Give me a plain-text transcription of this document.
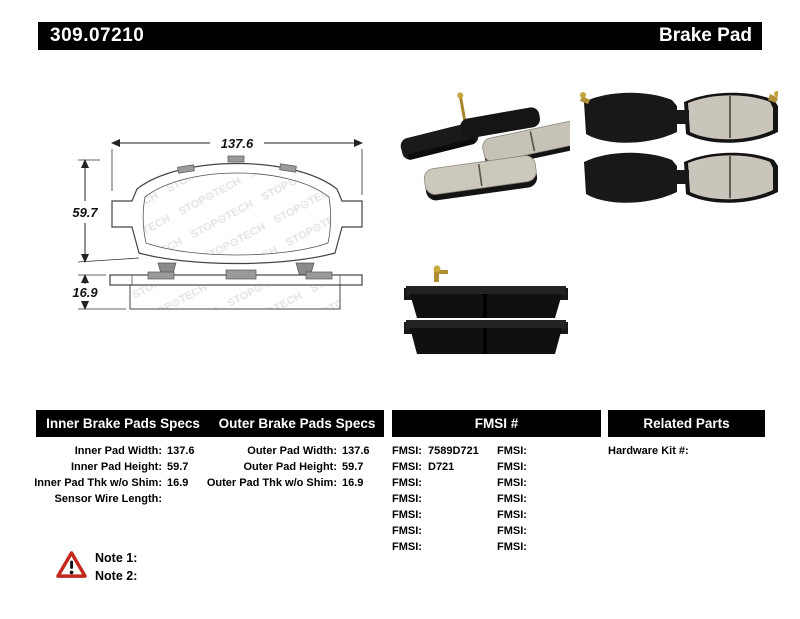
309.07210	Brake Pad
137.6
59.7
16.9
Inner Brake Pads Specs	Outer Brake Pads Specs	FMSI #	Related Parts
Inner Pad Width: 137.6
Inner Pad Height: 59.7
Inner Pad Thk w/o Shim: 16.9
Sensor Wire Length:
Outer Pad Width: 137.6
Outer Pad Height: 59.7
Outer Pad Thk w/o Shim: 16.9
FMSI: 7589D721
FMSI: D721
FMSI:
FMSI:
FMSI:
FMSI:
FMSI:
FMSI:
FMSI:
FMSI:
FMSI:
FMSI:
FMSI:
FMSI:
Hardware Kit #:
Note 1:
Note 2:
